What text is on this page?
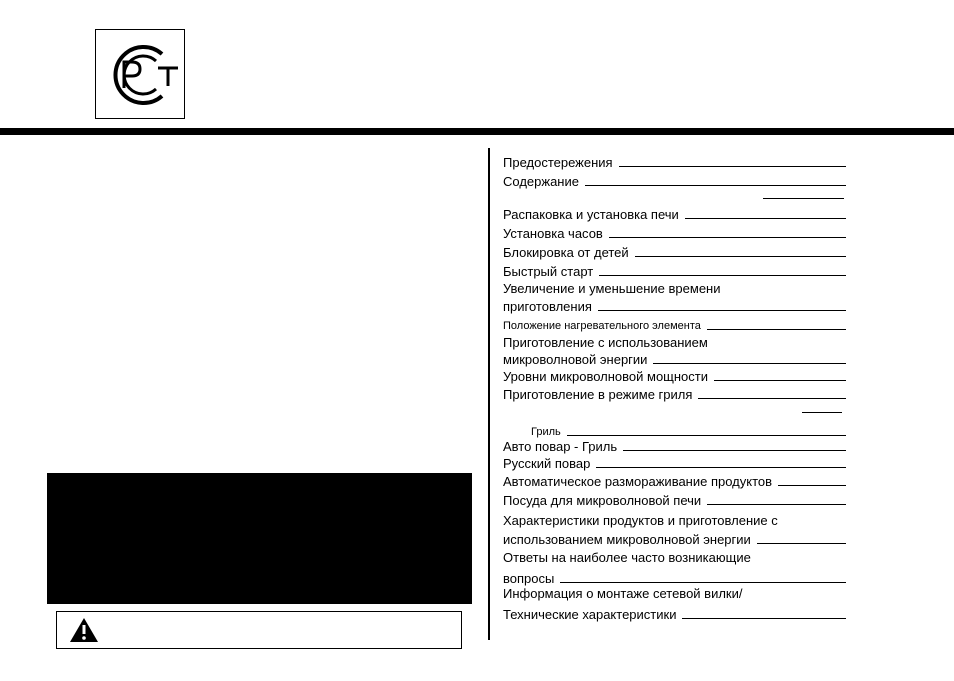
Предостережения
Содержание
Распаковка и установка печи
Установка часов
Блокировка от детей
Быстрый старт
Увеличение и уменьшение времени
приготовления
Положение нагревательного элемента
Приготовление с использованием
микроволновой энергии
Уровни микроволновой мощности
Приготовление в режиме гриля
Гриль
Авто повар - Гриль
Русский повар
Автоматическое размораживание продуктов
Посуда для микроволновой печи
Характеристики продуктов и приготовление с
использованием микроволновой энергии
Ответы на наиболее часто возникающие
вопросы
Информация о монтаже сетевой вилки/
Технические характеристики
